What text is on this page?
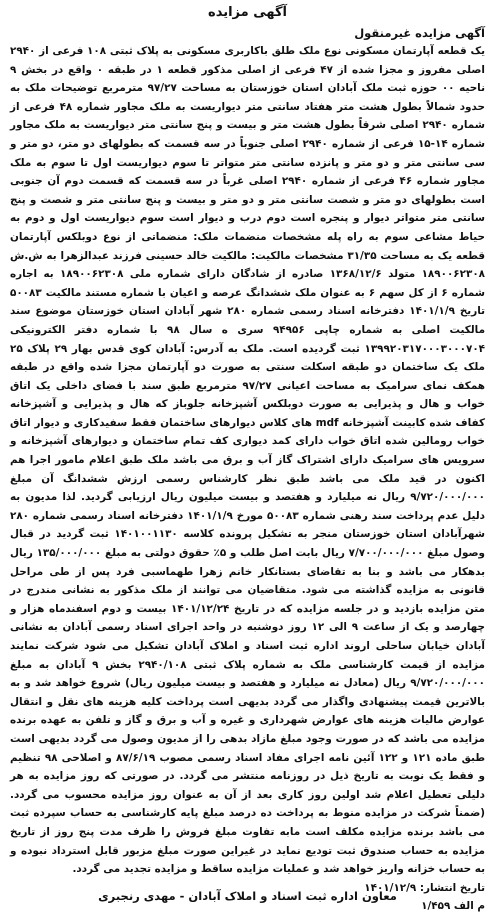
آگهی مزایده
آگهی مزایده غیرمنقول

یک قطعه آپارتمان مسکونی نوع ملک طلق باکاربری مسکونی به پلاک ثبتی ۱۰۸ فرعی از ۲۹۴۰ اصلی مفروز و مجزا شده از ۴۷ فرعی از اصلی مذکور قطعه ۱ در طبقه ۰ واقع در بخش ۹ ناحیه ۰۰ حوزه ثبت ملک آبادان استان خوزستان به مساحت ۹۷/۲۷ مترمربع توضیحات ملک به حدود شمالاً بطول هشت متر هفتاد سانتی متر دیواریست به ملک مجاور شماره ۴۸ فرعی از شماره ۲۹۴۰ اصلی شرقاً بطول هشت متر و بیست و پنج سانتی متر دیواریست به ملک مجاور شماره ۱۴-۱۵ فرعی از شماره ۲۹۴۰ اصلی جنوباً در سه قسمت که بطولهای دو متر، دو متر و سی سانتی متر و دو متر و پانزده سانتی متر متواتر تا سوم دیواریست اول تا سوم به ملک مجاور شماره ۴۶ فرعی از شماره ۲۹۴۰ اصلی غرباً در سه قسمت که قسمت دوم آن جنوبی است بطولهای دو متر و شصت سانتی متر و دو متر و بیست و پنج سانتی متر و شصت و پنج سانتی متر متواتر دیوار و پنجره است دوم درب و دیوار است سوم دیواریست اول و دوم به حیاط مشاعی سوم به راه پله مشخصات منضمات ملک: منضماتی از نوع دوبلکس آپارتمان قطعه یک به مساحت ۳۱/۳۵ مشخصات مالکیت: مالکیت خالد حسینی فرزند عبدالزهرا به ش.ش ۱۸۹۰۰۶۲۳۰۸ متولد ۱۳۶۸/۱۲/۶ صادره از شادگان دارای شماره ملی ۱۸۹۰۰۶۲۳۰۸ به اجاره شماره ۶ از کل سهم ۶ به عنوان ملک ششدانگ عرصه و اعیان با شماره مستند مالکیت ۵۰۰۸۳ تاریخ ۱۴۰۱/۱/۹ دفترخانه اسناد رسمی شماره ۲۸۰ شهر آبادان استان خوزستان موضوع سند مالکیت اصلی به شماره چاپی ۹۴۹۵۶ سری ه سال ۹۸ با شماره دفتر الکترونیکی ۱۳۹۹۲۰۳۱۷۰۰۰۳۰۰۰۷۰۴ ثبت گردیده است. ملک به آدرس: آبادان کوی قدس بهار ۲۹ پلاک ۲۵ ملک یک ساختمان دو طبقه اسکلت سنتی به صورت دو آپارتمان مجزا شده واقع در طبقه همکف نمای سرامیک به مساحت اعیانی ۹۷/۲۷ مترمربع طبق سند با فضای داخلی یک اتاق خواب و هال و پذیرایی به صورت دوبلکس آشپزخانه جلوباز که هال و پذیرایی و آشپزخانه کفاف شده کابینت آشپزخانه mdf های کلاس دیوارهای ساختمان فقط سفیدکاری و دیوار اتاق خواب رومالین شده اتاق خواب دارای کمد دیواری کف تمام ساختمان و دیوارهای آشپزخانه و سرویس های سرامیک دارای اشتراک گاز آب و برق می باشد ملک طبق اعلام مامور اجرا هم اکنون در قید ملک می باشد طبق نظر کارشناس رسمی ارزش ششدانگ آن مبلغ ۹/۷۲۰/۰۰۰/۰۰۰ ریال نه میلیارد و هفتصد و بیست میلیون ریال ارزیابی گردید. لذا مدیون به دلیل عدم پرداخت سند رهنی شماره ۵۰۰۸۳ مورخ ۱۴۰۱/۱/۹ دفترخانه اسناد رسمی شماره ۲۸۰ شهرآبادان استان خوزستان منجر به تشکیل پرونده کلاسه ۱۴۰۱۰۰۱۱۳۰ ثبت گردید در قبال وصول مبلغ ۷/۷۰۰/۰۰۰/۰۰۰ ریال بابت اصل طلب و ۵٪ حقوق دولتی به مبلغ ۱۳۵/۰۰۰/۰۰۰ ریال بدهکار می باشد و بنا به تقاضای بستانکار خانم زهرا طهماسبی فرد پس از طی مراحل قانونی به مزایده گذاشته می شود. متقاضیان می توانند از ملک مذکور به نشانی مندرج در متن مزایده بازدید و در جلسه مزایده که در تاریخ ۱۴۰۱/۱۲/۲۴ بیست و دوم اسفندماه هزار و چهارصد و یک از ساعت ۹ الی ۱۲ روز دوشنبه در واحد اجرای اسناد رسمی آبادان به نشانی آبادان خیابان ساحلی اروند اداره ثبت اسناد و املاک آبادان تشکیل می شود شرکت نمایند مزایده از قیمت کارشناسی ملک به شماره پلاک ثبتی ۲۹۴۰/۱۰۸ بخش ۹ آبادان به مبلغ ۹/۷۲۰/۰۰۰/۰۰۰ ریال (معادل نه میلیارد و هفتصد و بیست میلیون ریال) شروع خواهد شد و به بالاترین قیمت پیشنهادی واگذار می گردد بدیهی است پرداخت کلیه هزینه های نقل و انتقال عوارض مالیات هزینه های عوارض شهرداری و غیره و آب و برق و گاز و تلفن به عهده برنده مزایده می باشد که در صورت وجود مبلغ مازاد بدهی را از مدیون وصول می گردد بدیهی است طبق ماده ۱۲۱ و ۱۲۲ آئین نامه اجرای مفاد اسناد رسمی مصوب ۸۷/۶/۱۹ و اصلاحی ۹۸ تنظیم و فقط یک نوبت به تاریخ ذیل در روزنامه منتشر می گردد. در صورتی که روز مزایده به هر دلیلی تعطیل اعلام شد اولین روز کاری بعد از آن به عنوان روز مزایده محسوب می گردد. (ضمناً شرکت در مزایده منوط به پرداخت ده درصد مبلغ پایه کارشناسی به حساب سپرده ثبت می باشد برنده مزایده مکلف است مابه تفاوت مبلغ فروش را ظرف مدت پنج روز از تاریخ مزایده به حساب صندوق ثبت تودیع نماید در غیراین صورت مبلغ مزبور قابل استرداد نبوده و به حساب خزانه واریز خواهد شد و عملیات مزایده ساقط و مزایده تجدید می گردد.

تاریخ انتشار: ۱۴۰۱/۱۲/۹

م الف ۱/۴۵۹

معاون اداره ثبت اسناد و املاک آبادان - مهدی رنجبری
